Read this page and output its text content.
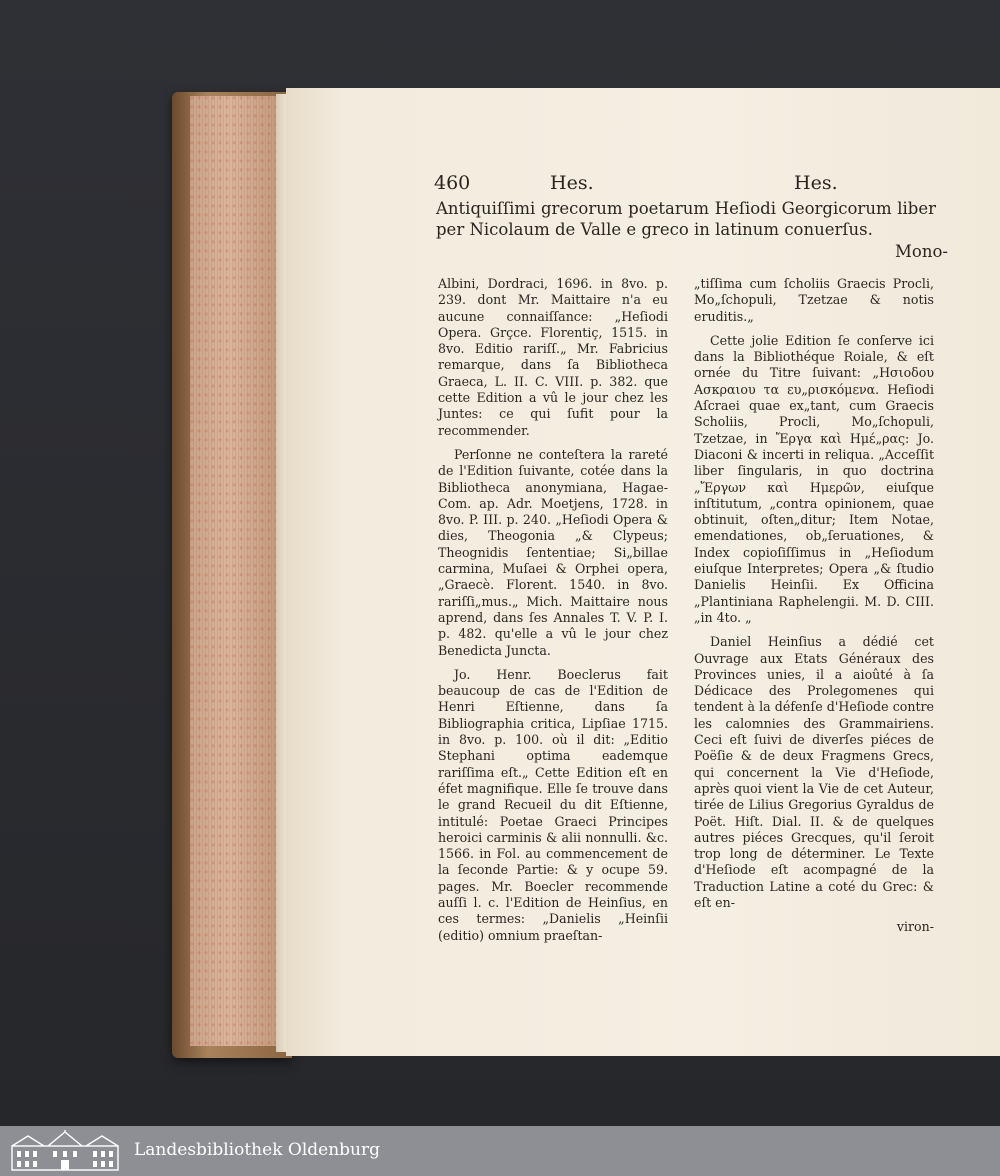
460	Hes.	Hes.
Antiquiſſimi grecorum poetarum Heſiodi Georgicorum liber per Nicolaum de Valle e greco in latinum conuerſus.
Mono-

Albini, Dordraci, 1696. in 8vo. p. 239. dont Mr. Maittaire n'a eu aucune connaiſſance: „Heſiodi Opera. Grçce. Florentiç, 1515. in 8vo. Editio rariſſ.„ Mr. Fabricius remarque, dans ſa Bibliotheca Graeca, L. II. C. VIII. p. 382. que cette Edition a vû le jour chez les Juntes: ce qui ſufit pour la recommender.

Perſonne ne conteſtera la rareté de l'Edition ſuivante, cotée dans la Bibliotheca anonymiana, Hagae-Com. ap. Adr. Moetjens, 1728. in 8vo. P. III. p. 240. „Heſiodi Opera & dies, Theogonia „& Clypeus; Theognidis ſententiae; Si„billae carmina, Muſaei & Orphei opera, „Graecè. Florent. 1540. in 8vo. rariſſi„mus.„ Mich. Maittaire nous aprend, dans ſes Annales T. V. P. I. p. 482. qu'elle a vû le jour chez Benedicta Juncta.

Jo. Henr. Boeclerus fait beaucoup de cas de l'Edition de Henri Eſtienne, dans ſa Bibliographia critica, Lipſiae 1715. in 8vo. p. 100. où il dit: „Editio Stephani optima eademque rariſſima eſt.„ Cette Edition eſt en éfet magnifique. Elle ſe trouve dans le grand Recueil du dit Eſtienne, intitulé: Poetae Graeci Principes heroici carminis & alii nonnulli. &c. 1566. in Fol. au commencement de la ſeconde Partie: & y ocupe 59. pages. Mr. Boecler recommende auſſi l. c. l'Edition de Heinſius, en ces termes: „Danielis „Heinſii (editio) omnium praeſtan-

„tiſſima cum ſcholiis Graecis Procli, Mo„ſchopuli, Tzetzae & notis eruditis.„

Cette jolie Edition ſe conſerve ici dans la Bibliothéque Roiale, & eſt ornée du Titre ſuivant: „Ησιοδου Ασκραιου τα ευ„ρισκόμενα. Heſiodi Aſcraei quae ex„tant, cum Graecis Scholiis, Procli, Mo„ſchopuli, Tzetzae, in Ἔργα καὶ Ημέ„ρας: Jo. Diaconi & incerti in reliqua. „Acceſſit liber ſingularis, in quo doctrina „Ἔργων καὶ Ημερῶν, eiuſque inſtitutum, „contra opinionem, quae obtinuit, oſten„ditur; Item Notae, emendationes, ob„ſeruationes, & Index copioſiſſimus in „Heſiodum eiuſque Interpretes; Opera „& ſtudio Danielis Heinſii. Ex Officina „Plantiniana Raphelengii. M. D. CIII. „in 4to. „

Daniel Heinſius a dédié cet Ouvrage aux Etats Généraux des Provinces unies, il a aioûté à ſa Dédicace des Prolegomenes qui tendent à la défenſe d'Heſiode contre les calomnies des Grammairiens. Ceci eſt ſuivi de diverſes piéces de Poëſie & de deux Fragmens Grecs, qui concernent la Vie d'Heſiode, après quoi vient la Vie de cet Auteur, tirée de Lilius Gregorius Gyraldus de Poët. Hiſt. Dial. II. & de quelques autres piéces Grecques, qu'il ſeroit trop long de déterminer. Le Texte d'Heſiode eſt acompagné de la Traduction Latine a coté du Grec: & eſt en-

viron-

Landesbibliothek Oldenburg
